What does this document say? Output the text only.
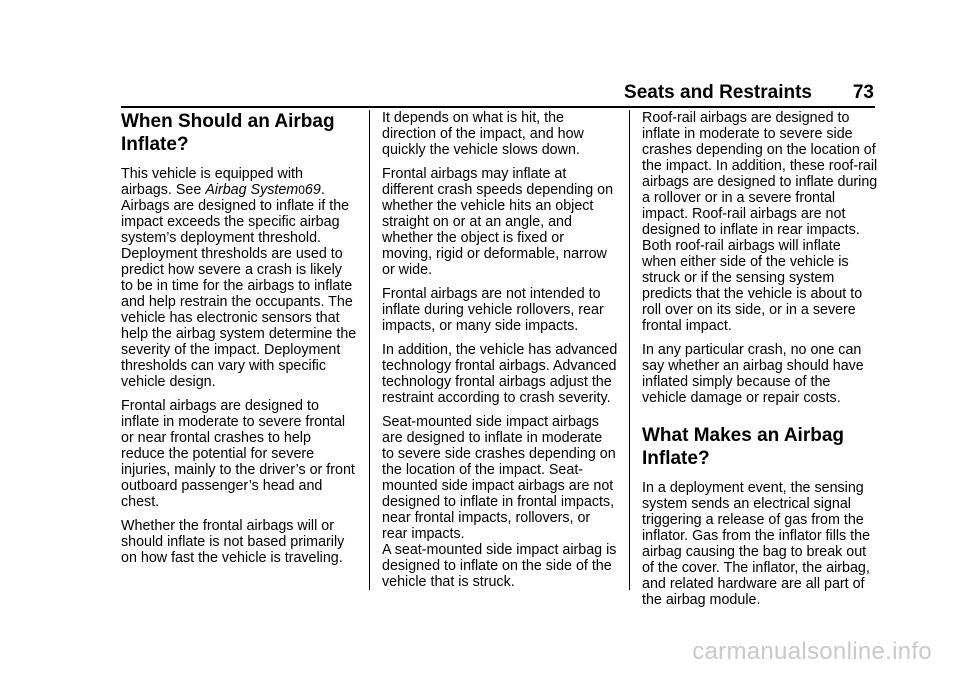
Seats and Restraints 73
When Should an Airbag Inflate?

This vehicle is equipped with airbags. See Airbag System069. Airbags are designed to inflate if the impact exceeds the specific airbag system’s deployment threshold. Deployment thresholds are used to predict how severe a crash is likely to be in time for the airbags to inflate and help restrain the occupants. The vehicle has electronic sensors that help the airbag system determine the severity of the impact. Deployment thresholds can vary with specific vehicle design.

Frontal airbags are designed to inflate in moderate to severe frontal or near frontal crashes to help reduce the potential for severe injuries, mainly to the driver’s or front outboard passenger’s head and chest.

Whether the frontal airbags will or should inflate is not based primarily on how fast the vehicle is traveling.

It depends on what is hit, the direction of the impact, and how quickly the vehicle slows down.

Frontal airbags may inflate at different crash speeds depending on whether the vehicle hits an object straight on or at an angle, and whether the object is fixed or moving, rigid or deformable, narrow or wide.

Frontal airbags are not intended to inflate during vehicle rollovers, rear impacts, or many side impacts.

In addition, the vehicle has advanced technology frontal airbags. Advanced technology frontal airbags adjust the restraint according to crash severity.

Seat-mounted side impact airbags are designed to inflate in moderate to severe side crashes depending on the location of the impact. Seat-mounted side impact airbags are not designed to inflate in frontal impacts, near frontal impacts, rollovers, or rear impacts.

A seat-mounted side impact airbag is designed to inflate on the side of the vehicle that is struck.

Roof-rail airbags are designed to inflate in moderate to severe side crashes depending on the location of the impact. In addition, these roof-rail airbags are designed to inflate during a rollover or in a severe frontal impact. Roof-rail airbags are not designed to inflate in rear impacts. Both roof-rail airbags will inflate when either side of the vehicle is struck or if the sensing system predicts that the vehicle is about to roll over on its side, or in a severe frontal impact.

In any particular crash, no one can say whether an airbag should have inflated simply because of the vehicle damage or repair costs.

What Makes an Airbag Inflate?

In a deployment event, the sensing system sends an electrical signal triggering a release of gas from the inflator. Gas from the inflator fills the airbag causing the bag to break out of the cover. The inflator, the airbag, and related hardware are all part of the airbag module.

carmanualsonline.info
